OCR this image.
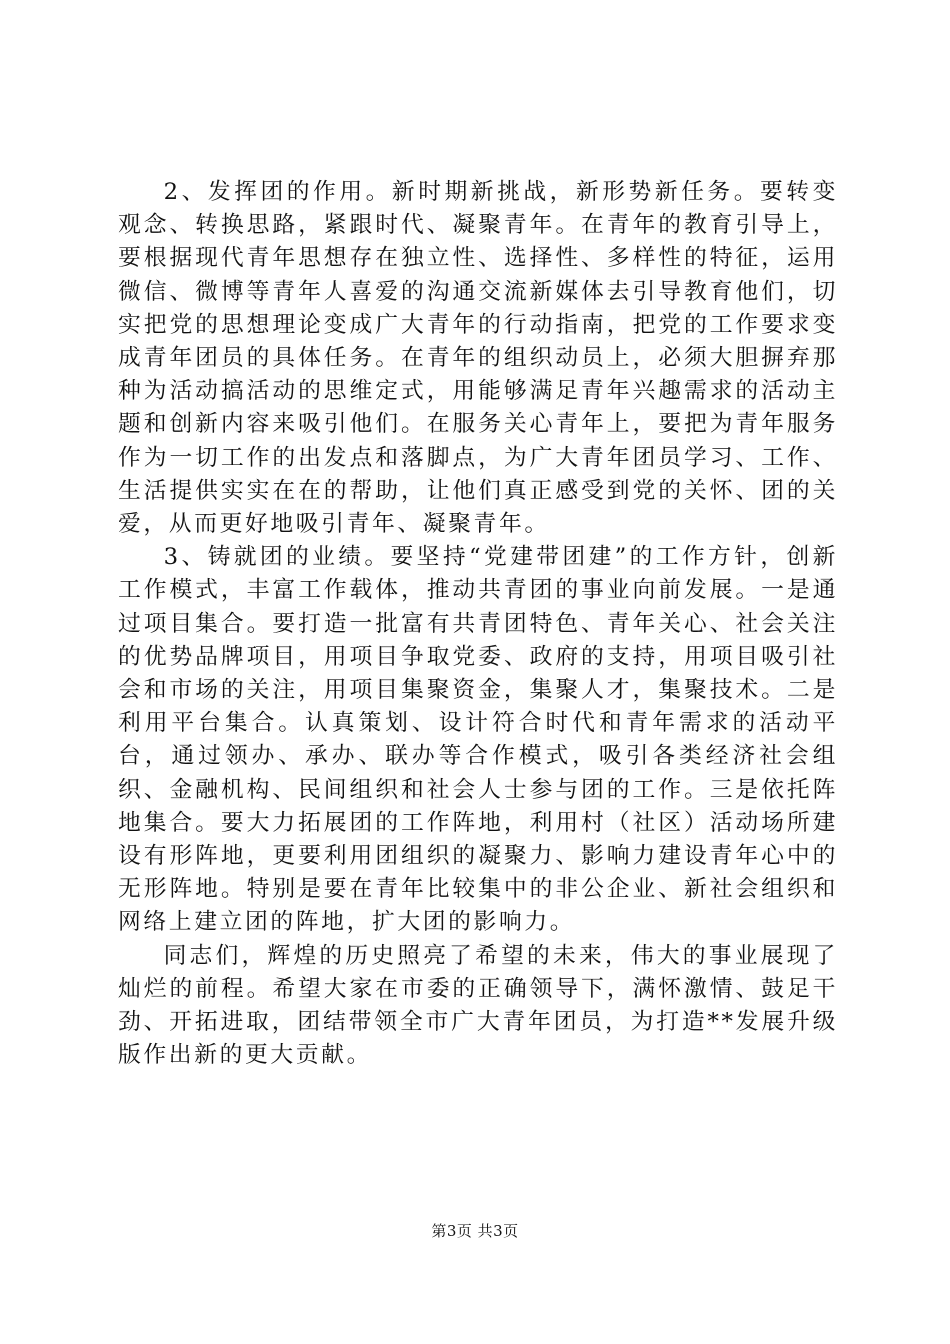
2、发挥团的作用。新时期新挑战，新形势新任务。要转变观念、转换思路，紧跟时代、凝聚青年。在青年的教育引导上，要根据现代青年思想存在独立性、选择性、多样性的特征，运用微信、微博等青年人喜爱的沟通交流新媒体去引导教育他们，切实把党的思想理论变成广大青年的行动指南，把党的工作要求变成青年团员的具体任务。在青年的组织动员上，必须大胆摒弃那种为活动搞活动的思维定式，用能够满足青年兴趣需求的活动主题和创新内容来吸引他们。在服务关心青年上，要把为青年服务作为一切工作的出发点和落脚点，为广大青年团员学习、工作、生活提供实实在在的帮助，让他们真正感受到党的关怀、团的关爱，从而更好地吸引青年、凝聚青年。

3、铸就团的业绩。要坚持“党建带团建”的工作方针，创新工作模式，丰富工作载体，推动共青团的事业向前发展。一是通过项目集合。要打造一批富有共青团特色、青年关心、社会关注的优势品牌项目，用项目争取党委、政府的支持，用项目吸引社会和市场的关注，用项目集聚资金，集聚人才，集聚技术。二是利用平台集合。认真策划、设计符合时代和青年需求的活动平台，通过领办、承办、联办等合作模式，吸引各类经济社会组织、金融机构、民间组织和社会人士参与团的工作。三是依托阵地集合。要大力拓展团的工作阵地，利用村（社区）活动场所建设有形阵地，更要利用团组织的凝聚力、影响力建设青年心中的无形阵地。特别是要在青年比较集中的非公企业、新社会组织和网络上建立团的阵地，扩大团的影响力。

同志们，辉煌的历史照亮了希望的未来，伟大的事业展现了灿烂的前程。希望大家在市委的正确领导下，满怀激情、鼓足干劲、开拓进取，团结带领全市广大青年团员，为打造**发展升级版作出新的更大贡献。

第3页 共3页
